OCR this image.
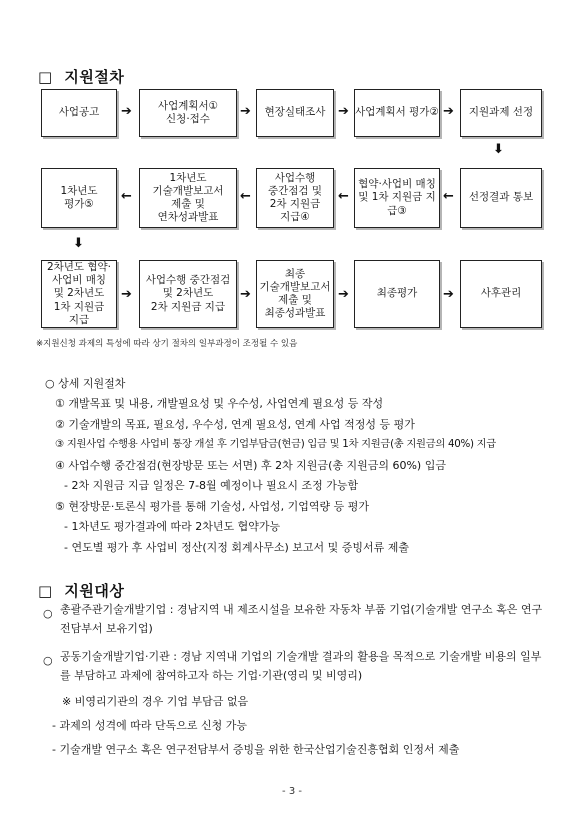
□ 지원절차
사업공고	➔	사업계획서①
신청·접수	➔	현장실태조사 ➔ 사업계획서 평가② ➔	지원과제 선정
⬇
1차년도
평가⑤	←
1차년도
기술개발보고서
제출 및
연차성과발표
←
사업수행
중간점검 및
2차 지원금
지급④
←
협약·사업비 매칭
및 1차 지원금 지급③
←	선정결과 통보
⬇
2차년도 협약·
사업비 매칭
및 2차년도
1차 지원금
지급
➔
사업수행 중간점검
및 2차년도
2차 지원금 지급
➔
최종
기술개발보고서
제출 및
최종성과발표
➔	최종평가	➔	사후관리
※지원신청 과제의 특성에 따라 상기 절차의 일부과정이 조정될 수 있음
○ 상세 지원절차
① 개발목표 및 내용, 개발필요성 및 우수성, 사업연계 필요성 등 작성
② 기술개발의 목표, 필요성, 우수성, 연계 필요성, 연계 사업 적정성 등 평가
③ 지원사업 수행용 사업비 통장 개설 후 기업부담금(현금) 입금 및 1차 지원금(총 지원금의 40%) 지급
④ 사업수행 중간점검(현장방문 또는 서면) 후 2차 지원금(총 지원금의 60%) 입금
- 2차 지원금 지급 일정은 7-8월 예정이나 필요시 조정 가능함
⑤ 현장방문·토론식 평가를 통해 기술성, 사업성, 기업역량 등 평가
- 1차년도 평가결과에 따라 2차년도 협약가능
- 연도별 평가 후 사업비 정산(지정 회계사무소) 보고서 및 증빙서류 제출
□ 지원대상
○ 총괄주관기술개발기업 : 경남지역 내 제조시설을 보유한 자동차 부품 기업(기술개발 연구소 혹은 연구전담부서 보유기업)
○ 공동기술개발기업·기관 : 경남 지역내 기업의 기술개발 결과의 활용을 목적으로 기술개발 비용의 일부를 부담하고 과제에 참여하고자 하는 기업·기관(영리 및 비영리)
※ 비영리기관의 경우 기업 부담금 없음
- 과제의 성격에 따라 단독으로 신청 가능
- 기술개발 연구소 혹은 연구전담부서 증빙을 위한 한국산업기술진흥협회 인정서 제출
- 3 -
